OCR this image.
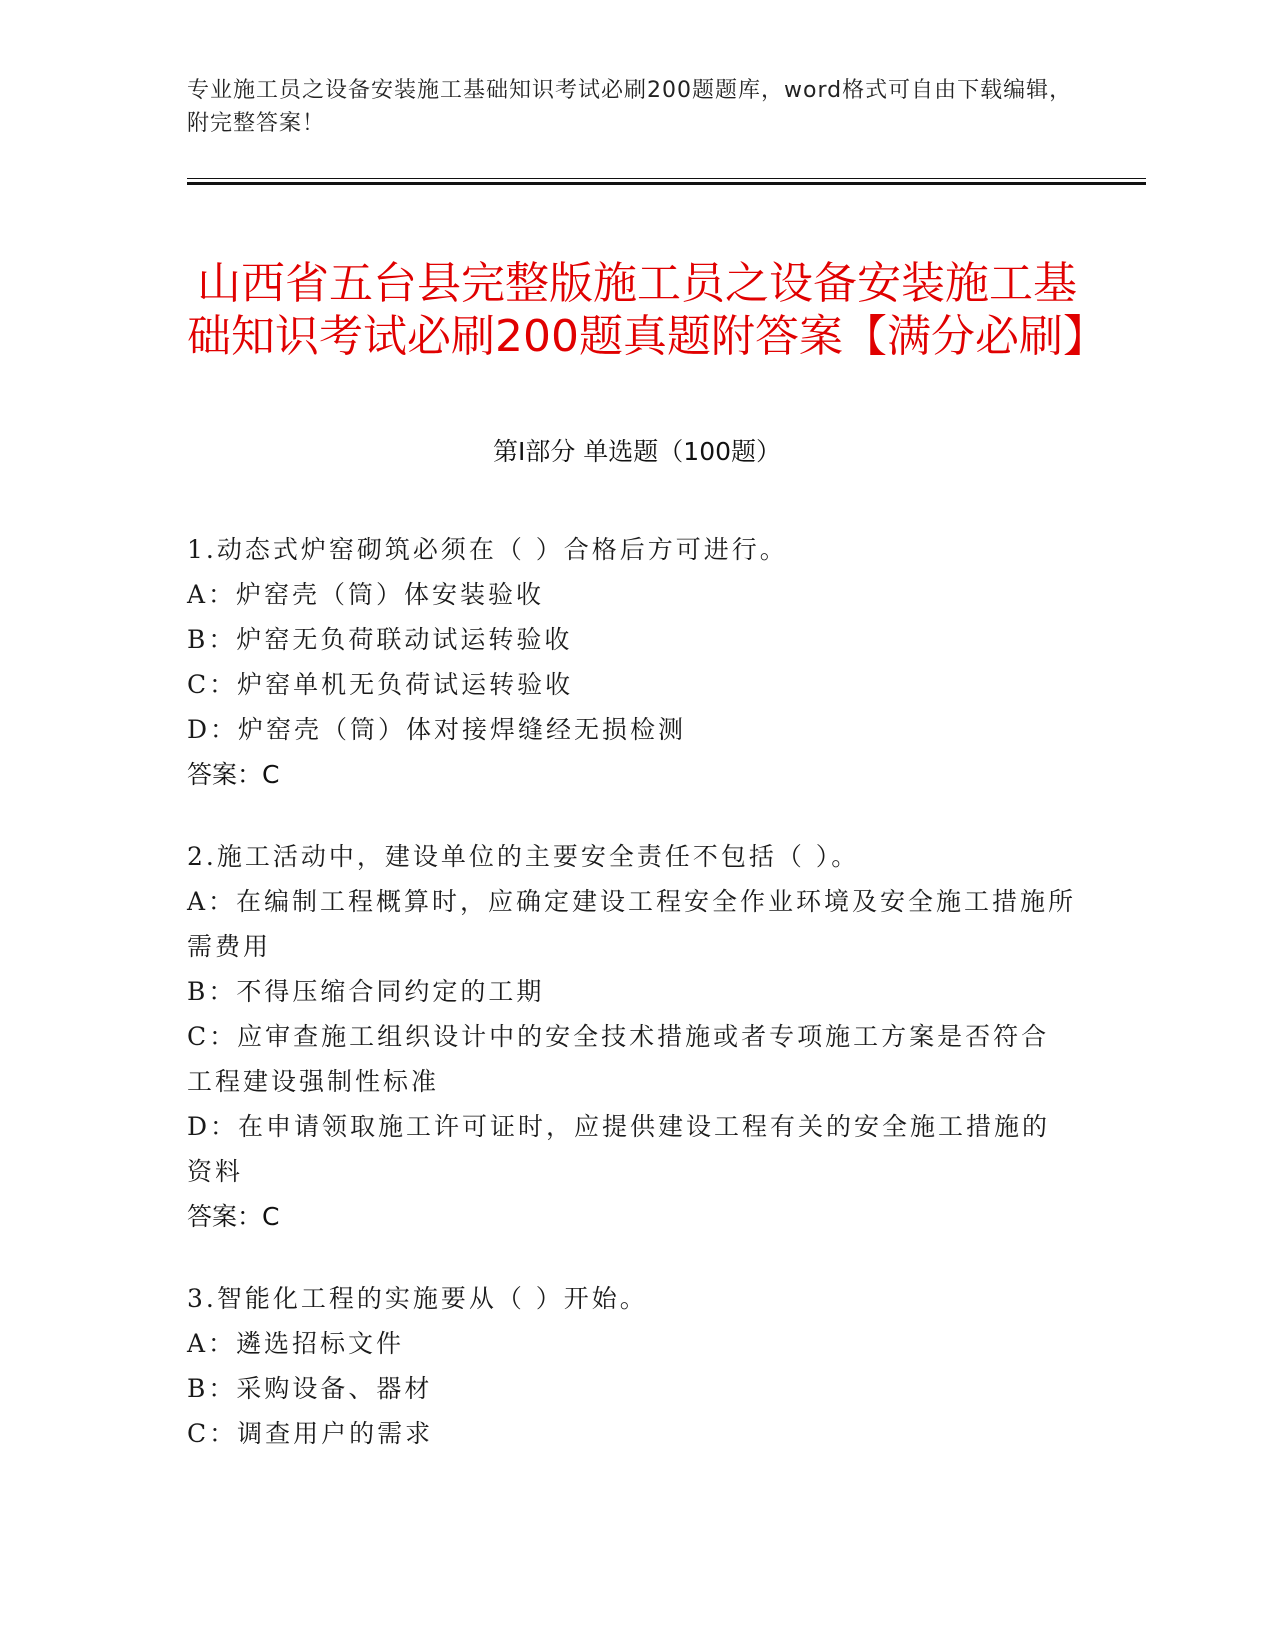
专业施工员之设备安装施工基础知识考试必刷200题题库，word格式可自由下载编辑，附完整答案！
山西省五台县完整版施工员之设备安装施工基础知识考试必刷200题真题附答案【满分必刷】
第I部分 单选题（100题）

1.动态式炉窑砌筑必须在（ ）合格后方可进行。

A：炉窑壳（筒）体安装验收

B：炉窑无负荷联动试运转验收

C：炉窑单机无负荷试运转验收

D：炉窑壳（筒）体对接焊缝经无损检测

答案：C

2.施工活动中，建设单位的主要安全责任不包括（ ）。

A：在编制工程概算时，应确定建设工程安全作业环境及安全施工措施所需费用

B：不得压缩合同约定的工期

C：应审查施工组织设计中的安全技术措施或者专项施工方案是否符合工程建设强制性标准

D：在申请领取施工许可证时，应提供建设工程有关的安全施工措施的资料

答案：C

3.智能化工程的实施要从（ ）开始。

A：遴选招标文件

B：采购设备、器材

C：调查用户的需求
